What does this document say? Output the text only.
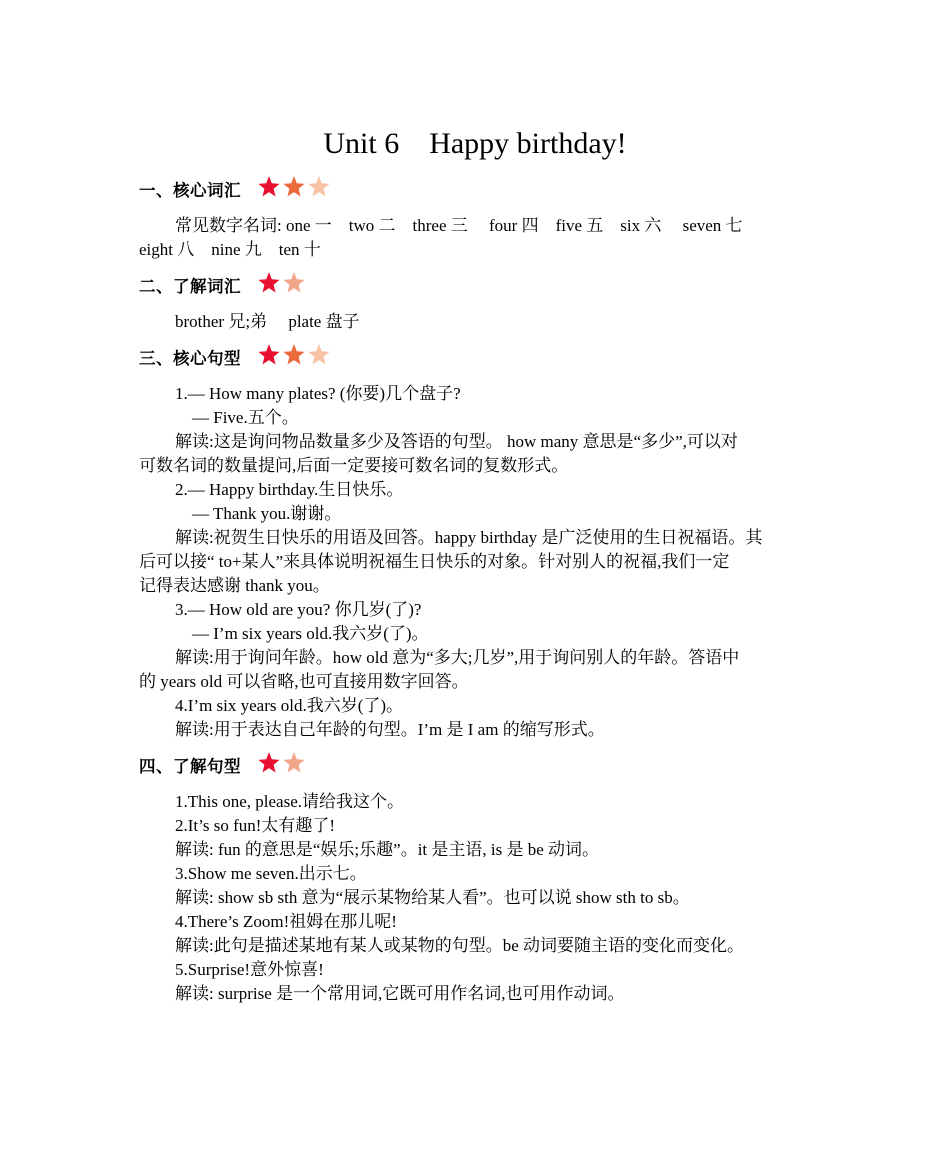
Unit 6    Happy birthday!
一、核心词汇
常见数字名词: one 一    two 二    three 三     four 四    five 五    six 六     seven 七
eight 八    nine 九    ten 十
二、了解词汇
brother 兄;弟     plate 盘子
三、核心句型
1.— How many plates? (你要)几个盘子?
— Five.五个。
解读:这是询问物品数量多少及答语的句型。 how many 意思是“多少”,可以对
可数名词的数量提问,后面一定要接可数名词的复数形式。
2.— Happy birthday.生日快乐。
— Thank you.谢谢。
解读:祝贺生日快乐的用语及回答。happy birthday 是广泛使用的生日祝福语。其
后可以接“ to+某人”来具体说明祝福生日快乐的对象。针对别人的祝福,我们一定
记得表达感谢 thank you。
3.— How old are you? 你几岁(了)?
— I’m six years old.我六岁(了)。
解读:用于询问年龄。how old 意为“多大;几岁”,用于询问别人的年龄。答语中
的 years old 可以省略,也可直接用数字回答。
4.I’m six years old.我六岁(了)。
解读:用于表达自己年龄的句型。I’m 是 I am 的缩写形式。
四、了解句型
1.This one, please.请给我这个。
2.It’s so fun!太有趣了!
解读: fun 的意思是“娱乐;乐趣”。it 是主语, is 是 be 动词。
3.Show me seven.出示七。
解读: show sb sth 意为“展示某物给某人看”。也可以说 show sth to sb。
4.There’s Zoom!祖姆在那儿呢!
解读:此句是描述某地有某人或某物的句型。be 动词要随主语的变化而变化。
5.Surprise!意外惊喜!
解读: surprise 是一个常用词,它既可用作名词,也可用作动词。
